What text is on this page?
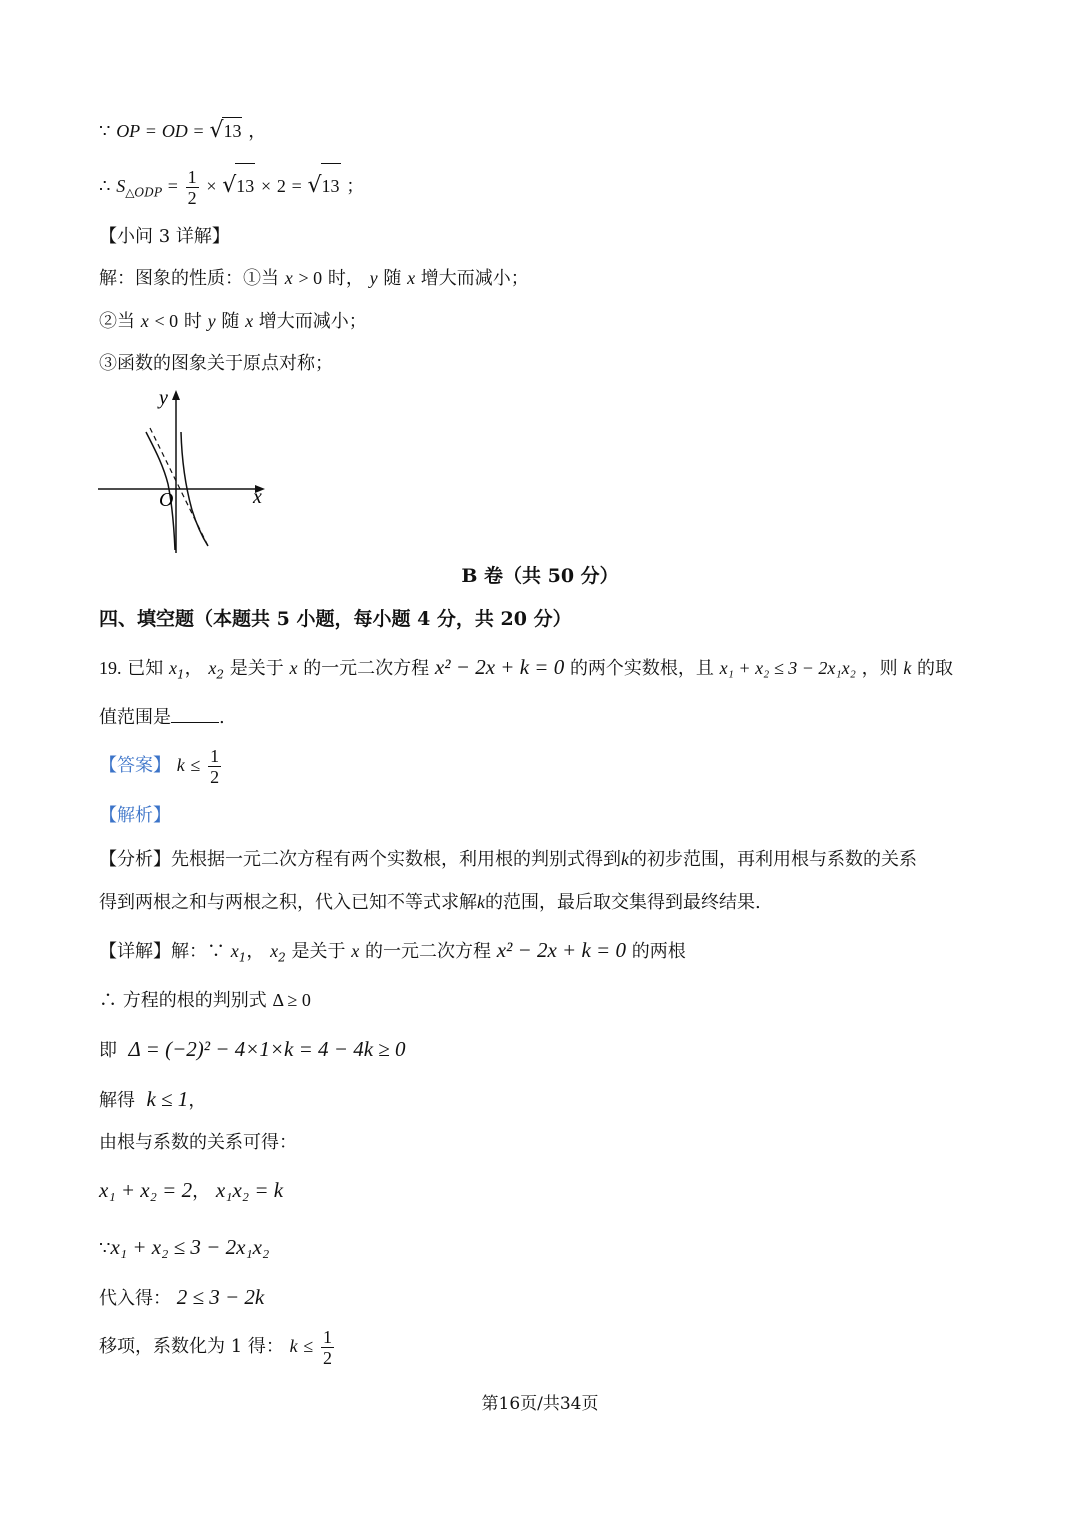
∵ OP = OD = √13 ，
∴ $S_{\triangle ODP} = \frac{1}{2} \times √13 \times 2 = √13$ ；
【小问 3 详解】
解：图象的性质：①当 x > 0 时， y 随 x 增大而减小；
②当 x < 0 时 y 随 x 增大而减小；
③函数的图象关于原点对称；
y
x
O
B 卷（共 50 分）
四、填空题（本题共 5 小题，每小题 4 分，共 20 分）
19. 已知 $x_1$， $x_2$ 是关于 x 的一元二次方程 x² − 2x + k = 0 的两个实数根，且 x₁ + x₂ ≤ 3 − 2x₁x₂ ，则 k 的取
值范围是	.
【答案】 $k \le \frac{1}{2}$
【解析】
【分析】先根据一元二次方程有两个实数根，利用根的判别式得到k的初步范围，再利用根与系数的关系
得到两根之和与两根之积，代入已知不等式求解k的范围，最后取交集得到最终结果.
【详解】解：∵ $x_1$， $x_2$ 是关于 x 的一元二次方程 x² − 2x + k = 0 的两根
∴ 方程的根的判别式 Δ ≥ 0
即 Δ = (−2)² − 4×1×k = 4 − 4k ≥ 0
解得 k ≤ 1，
由根与系数的关系可得：
x₁ + x₂ = 2， x₁x₂ = k
∵x₁ + x₂ ≤ 3 − 2x₁x₂
代入得： 2 ≤ 3 − 2k
移项，系数化为 1 得： $k \le \frac{1}{2}$
第16页/共34页
